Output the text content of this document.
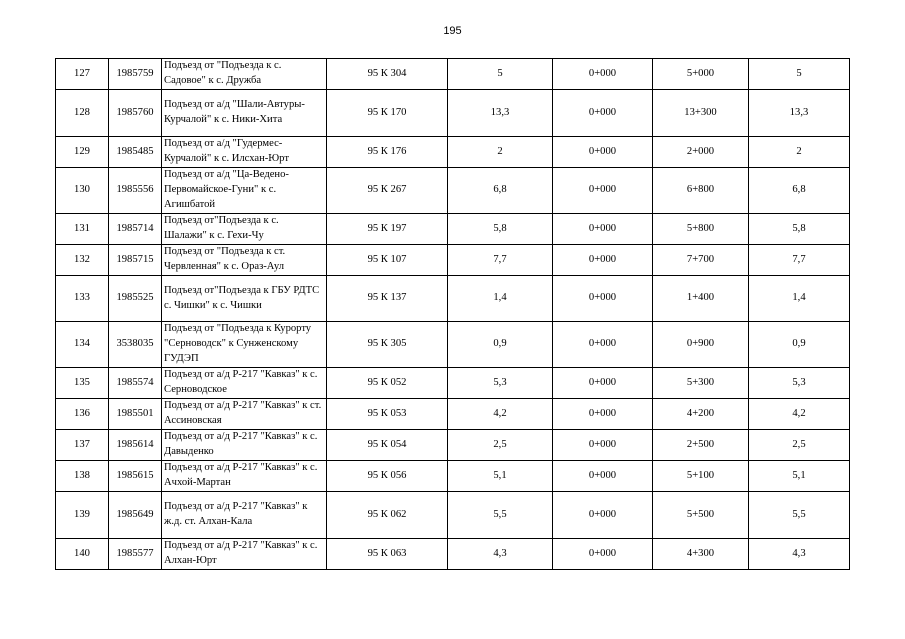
195
127	1985759	Подъезд от "Подъезда к с. Садовое" к с. Дружба	95 К 304	5	0+000	5+000	5
128	1985760	Подъезд от а/д "Шали-Автуры-Курчалой" к с. Ники-Хита	95 К 170	13,3	0+000	13+300	13,3
129	1985485	Подъезд от а/д "Гудермес-Курчалой" к с. Илсхан-Юрт	95 К 176	2	0+000	2+000	2
130	1985556	Подъезд от а/д "Ца-Ведено-Первомайское-Гуни" к с. Агишбатой	95 К 267	6,8	0+000	6+800	6,8
131	1985714	Подъезд от"Подъезда к с. Шалажи" к с. Гехи-Чу	95 К 197	5,8	0+000	5+800	5,8
132	1985715	Подъезд от "Подъезда к ст. Червленная" к с. Ораз-Аул	95 К 107	7,7	0+000	7+700	7,7
133	1985525	Подъезд от"Подъезда к ГБУ РДТС с. Чишки" к с. Чишки	95 К 137	1,4	0+000	1+400	1,4
134	3538035	Подъезд от "Подъезда к Курорту "Серноводск" к Сунженскому ГУДЭП	95 К 305	0,9	0+000	0+900	0,9
135	1985574	Подъезд от а/д Р-217 "Кавказ" к с. Серноводское	95 К 052	5,3	0+000	5+300	5,3
136	1985501	Подъезд от а/д Р-217 "Кавказ" к ст. Ассиновская	95 К 053	4,2	0+000	4+200	4,2
137	1985614	Подъезд от а/д Р-217 "Кавказ" к с. Давыденко	95 К 054	2,5	0+000	2+500	2,5
138	1985615	Подъезд от а/д Р-217 "Кавказ" к с. Ачхой-Мартан	95 К 056	5,1	0+000	5+100	5,1
139	1985649	Подъезд от а/д Р-217 "Кавказ" к ж.д. ст. Алхан-Кала	95 К 062	5,5	0+000	5+500	5,5
140	1985577	Подъезд от а/д Р-217 "Кавказ" к с. Алхан-Юрт	95 К 063	4,3	0+000	4+300	4,3
